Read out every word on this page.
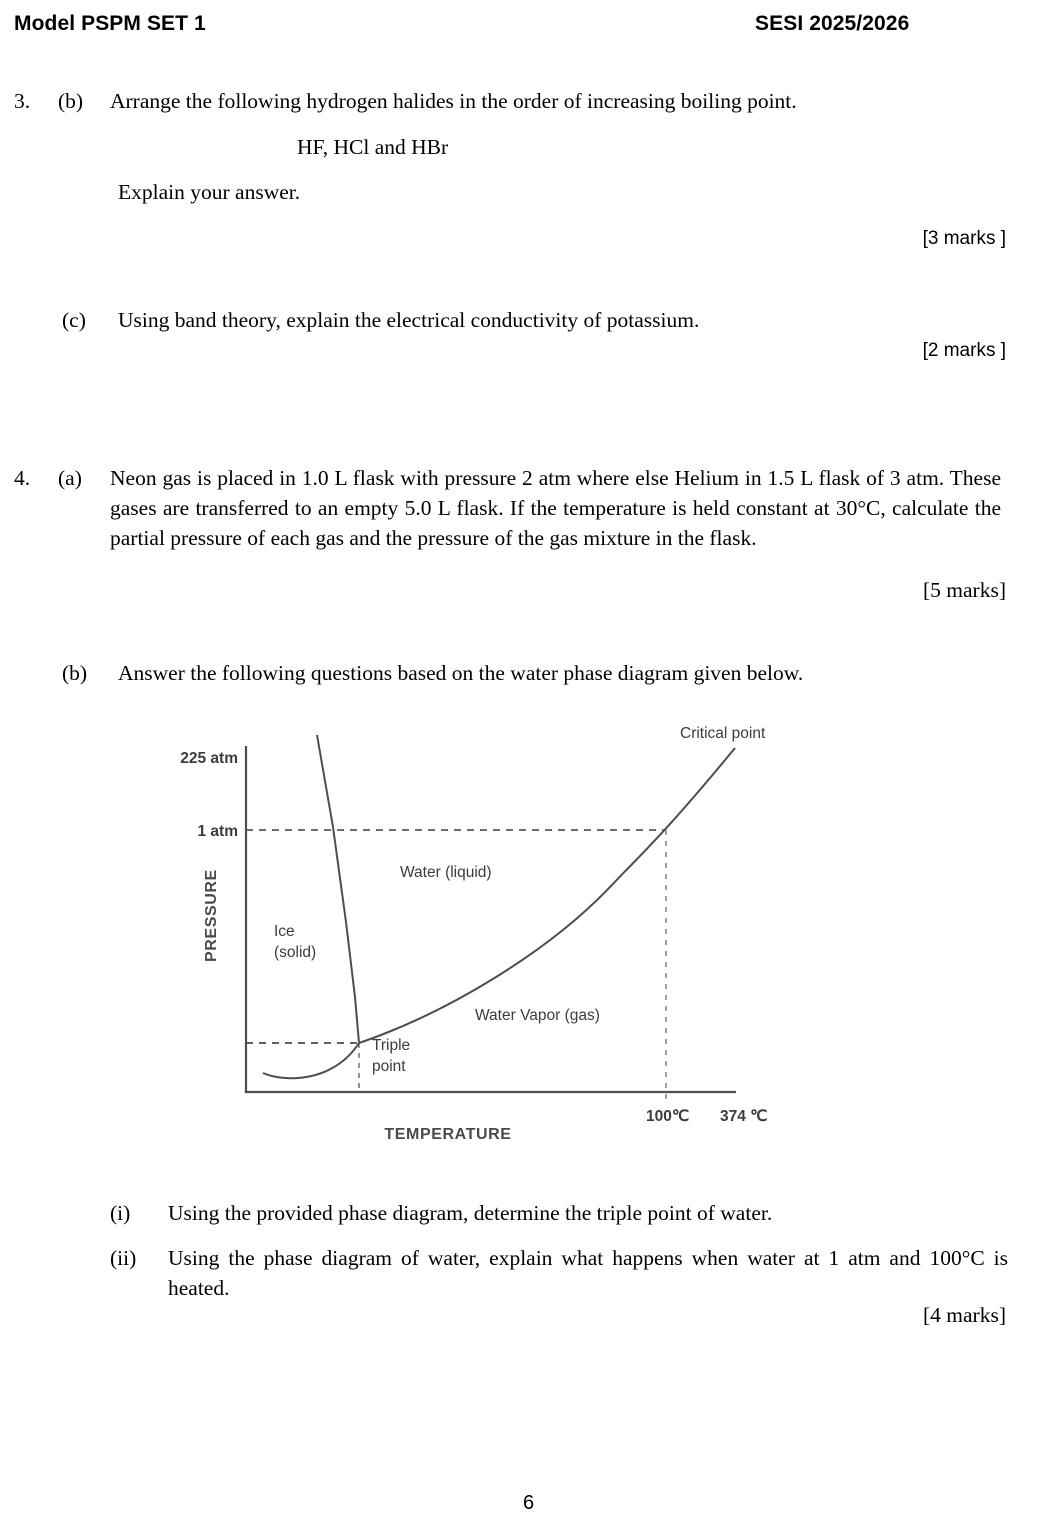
Model PSPM SET 1	SESI 2025/2026
3.	(b)	Arrange the following hydrogen halides in the order of increasing boiling point.
HF, HCl and HBr
Explain your answer.
[3 marks ]
(c)	Using band theory, explain the electrical conductivity of potassium.
[2 marks ]
4.	(a)	Neon gas is placed in 1.0 L flask with pressure 2 atm where else Helium in 1.5 L flask of 3 atm. These gases are transferred to an empty 5.0 L flask. If the temperature is held constant at 30°C, calculate the partial pressure of each gas and the pressure of the gas mixture in the flask.
[5 marks]
(b)	Answer the following questions based on the water phase diagram given below.
PRESSURE
TEMPERATURE
225 atm
1 atm
100℃ 374 ℃
Ice
(solid)
Water (liquid)
Water Vapor (gas)
Triple
point
Critical point
(i)	Using the provided phase diagram, determine the triple point of water.
(ii)	Using the phase diagram of water, explain what happens when water at 1 atm and 100°C is heated.
[4 marks]
6
